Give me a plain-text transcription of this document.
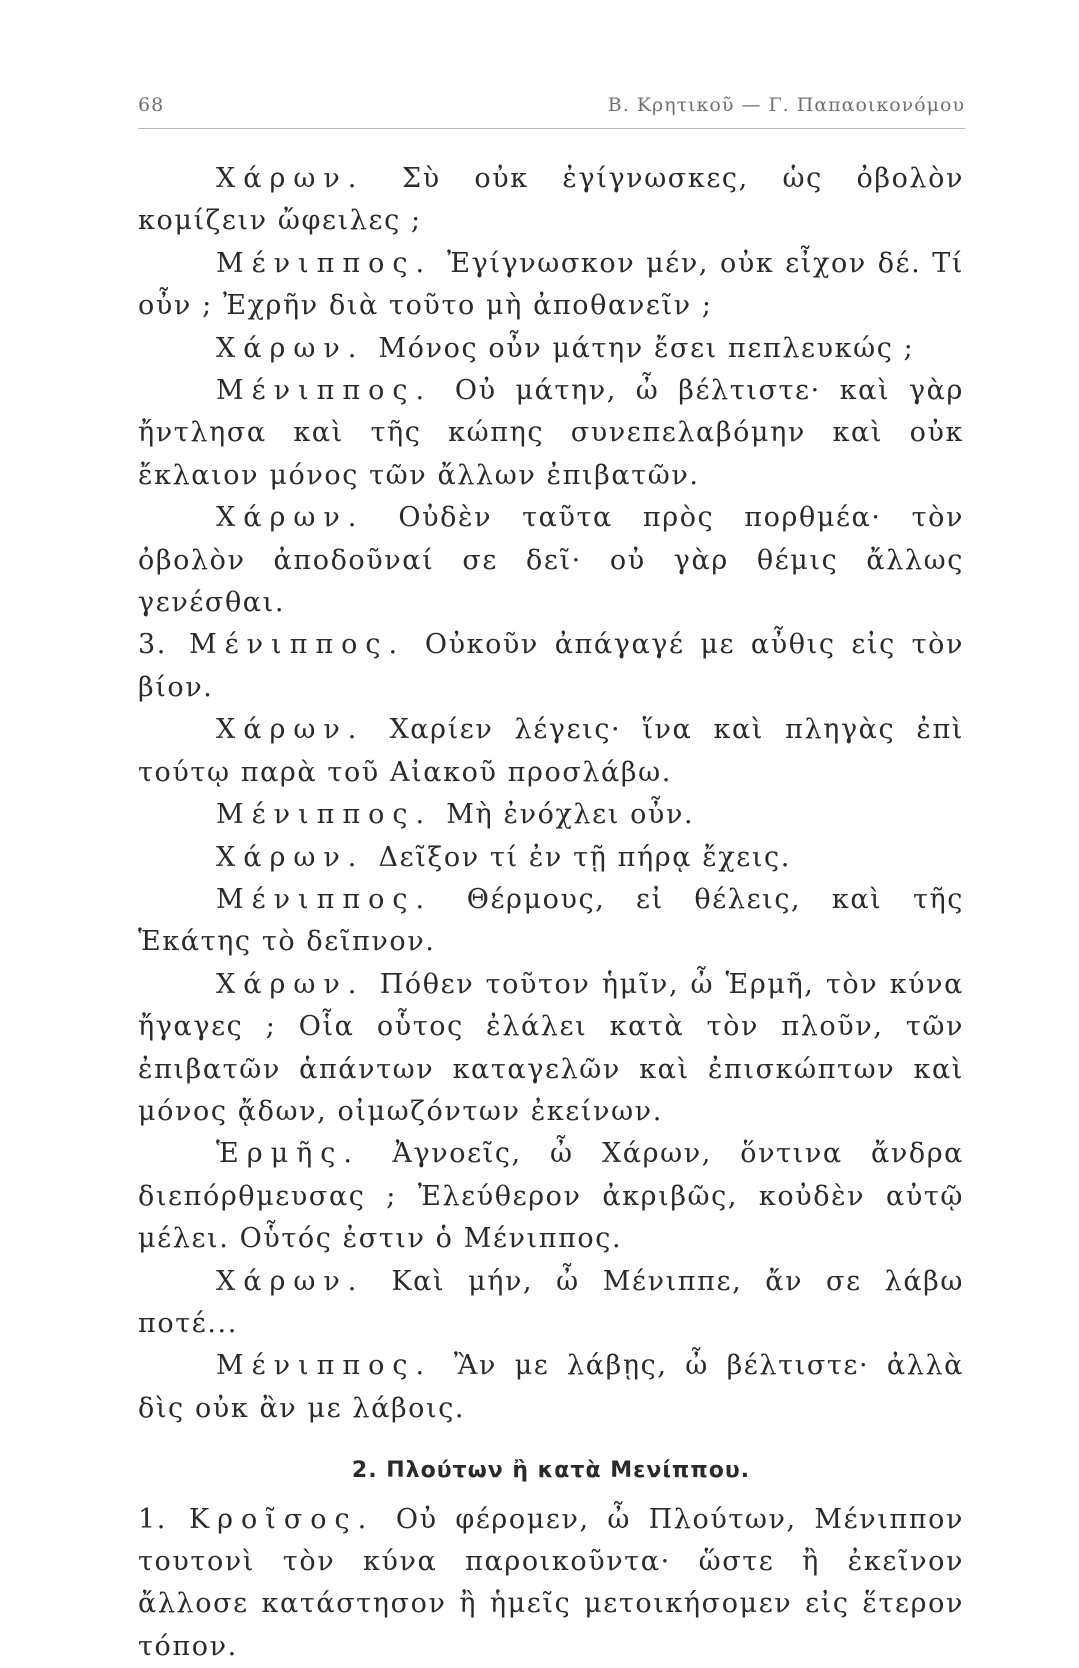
68	Β. Κρητικοῦ — Γ. Παπαοικονόμου

Χάρων. Σὺ οὐκ ἐγίγνωσκες, ὡς ὀβολὸν κομίζειν ὤφειλες ;

Μένιππος. Ἐγίγνωσκον μέν, οὐκ εἶχον δέ. Τί οὖν ; Ἐχρῆν διὰ τοῦτο μὴ ἀποθανεῖν ;

Χάρων. Μόνος οὖν μάτην ἔσει πεπλευκώς ;

Μένιππος. Οὐ μάτην, ὦ βέλτιστε· καὶ γὰρ ἤντλησα καὶ τῆς κώπης συνεπελαβόμην καὶ οὐκ ἔκλαιον μόνος τῶν ἄλλων ἐπιβατῶν.

Χάρων. Οὐδὲν ταῦτα πρὸς πορθμέα· τὸν ὀβολὸν ἀποδοῦναί σε δεῖ· οὐ γὰρ θέμις ἄλλως γενέσθαι.

3. Μένιππος. Οὐκοῦν ἀπάγαγέ με αὖθις εἰς τὸν βίον.

Χάρων. Χαρίεν λέγεις· ἵνα καὶ πληγὰς ἐπὶ τούτῳ παρὰ τοῦ Αἰακοῦ προσλάβω.

Μένιππος. Μὴ ἐνόχλει οὖν.

Χάρων. Δεῖξον τί ἐν τῇ πήρᾳ ἔχεις.

Μένιππος. Θέρμους, εἰ θέλεις, καὶ τῆς Ἑκάτης τὸ δεῖπνον.

Χάρων. Πόθεν τοῦτον ἡμῖν, ὦ Ἑρμῆ, τὸν κύνα ἤγαγες ; Οἷα οὗτος ἐλάλει κατὰ τὸν πλοῦν, τῶν ἐπιβατῶν ἁπάντων καταγελῶν καὶ ἐπισκώπτων καὶ μόνος ᾄδων, οἰμωζόντων ἐκείνων.

Ἑρμῆς. Ἀγνοεῖς, ὦ Χάρων, ὅντινα ἄνδρα διεπόρθμευσας ; Ἐλεύθερον ἀκριβῶς, κοὐδὲν αὐτῷ μέλει. Οὗτός ἐστιν ὁ Μένιππος.

Χάρων. Καὶ μήν, ὦ Μένιππε, ἄν σε λάβω ποτέ...

Μένιππος. Ἂν με λάβῃς, ὦ βέλτιστε· ἀλλὰ δὶς οὐκ ἂν με λάβοις.

2. Πλούτων ἢ κατὰ Μενίππου.

1. Κροῖσος. Οὐ φέρομεν, ὦ Πλούτων, Μένιππον τουτονὶ τὸν κύνα παροικοῦντα· ὥστε ἢ ἐκεῖνον ἄλλοσε κατάστησον ἢ ἡμεῖς μετοικήσομεν εἰς ἕτερον τόπον.
